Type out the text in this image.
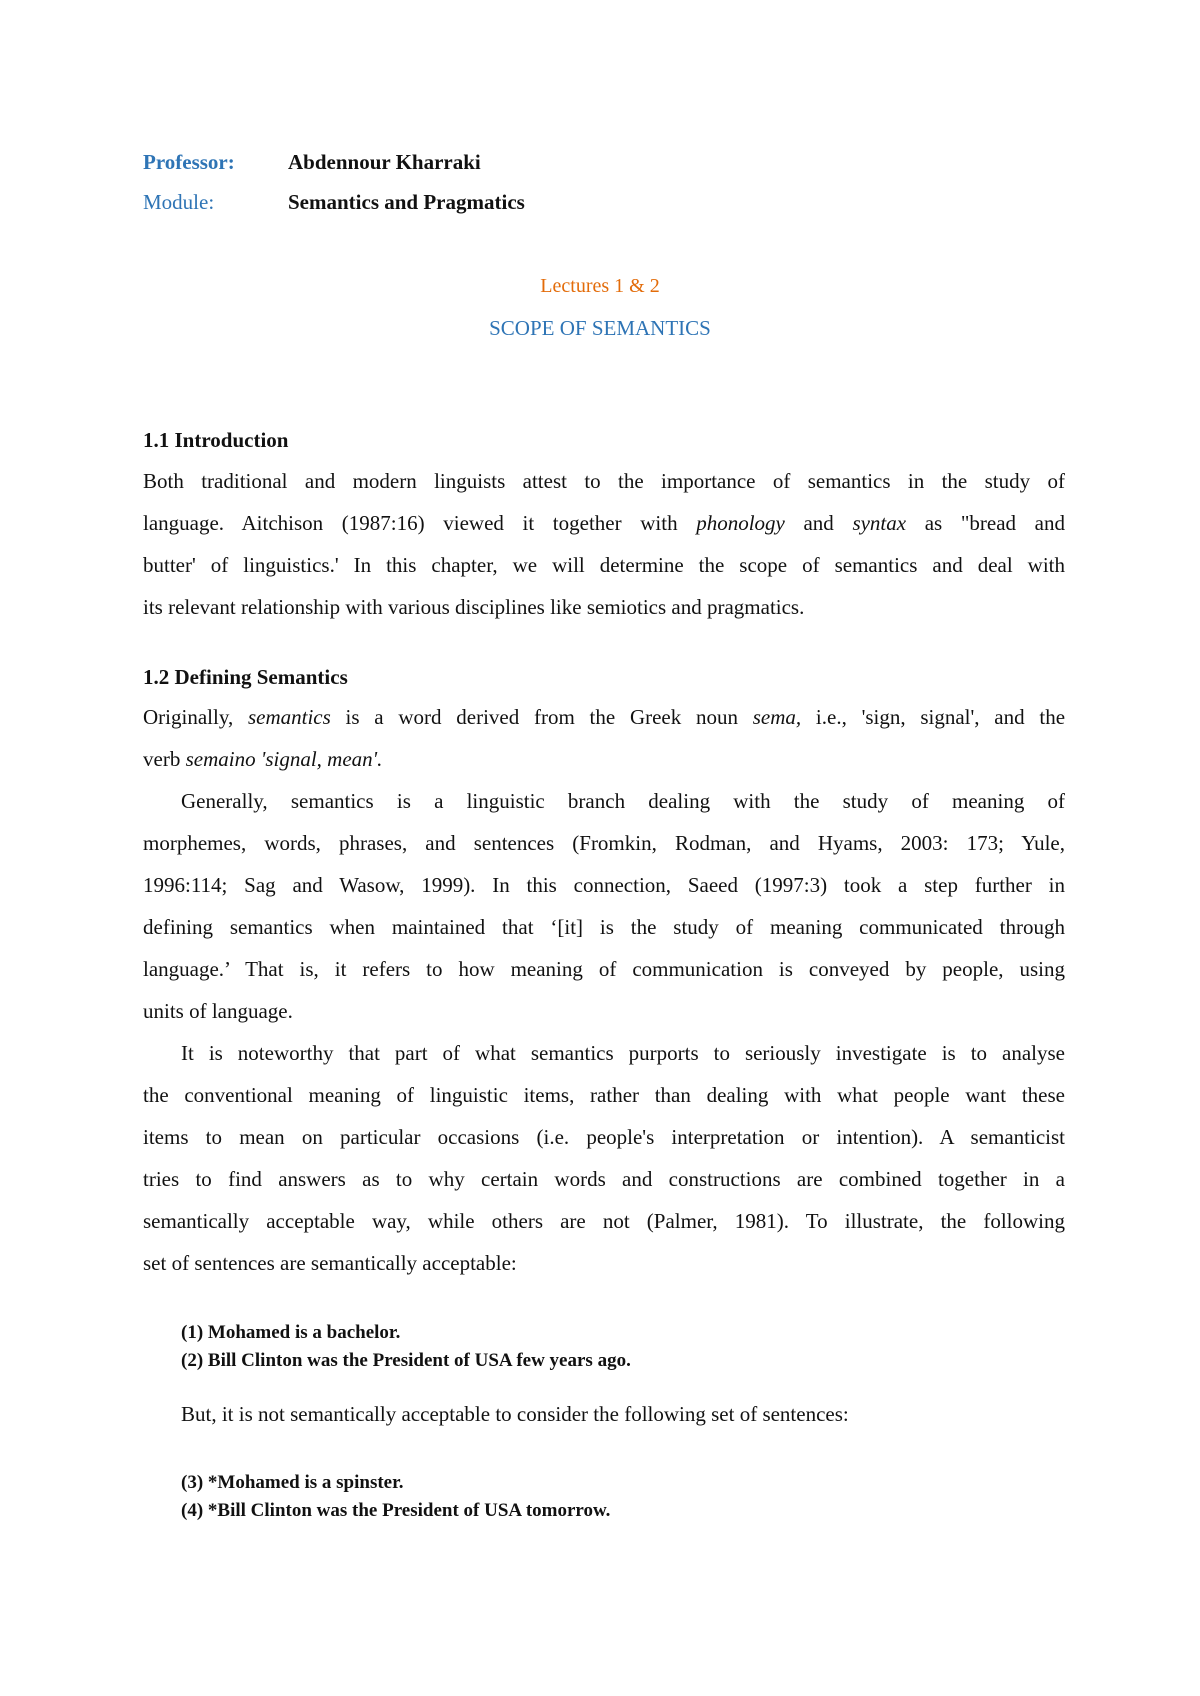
Professor:	Abdennour Kharraki
Module:	Semantics and Pragmatics
Lectures 1 & 2
SCOPE OF SEMANTICS
1.1 Introduction
Both traditional and modern linguists attest to the importance of semantics in the study of
language. Aitchison (1987:16) viewed it together with phonology and syntax as "bread and
butter' of linguistics.' In this chapter, we will determine the scope of semantics and deal with
its relevant relationship with various disciplines like semiotics and pragmatics.
1.2 Defining Semantics
Originally, semantics is a word derived from the Greek noun sema, i.e., 'sign, signal', and the
verb semaino 'signal, mean'.
Generally, semantics is a linguistic branch dealing with the study of meaning of
morphemes, words, phrases, and sentences (Fromkin, Rodman, and Hyams, 2003: 173; Yule,
1996:114; Sag and Wasow, 1999). In this connection, Saeed (1997:3) took a step further in
defining semantics when maintained that ‘[it] is the study of meaning communicated through
language.’ That is, it refers to how meaning of communication is conveyed by people, using
units of language.
It is noteworthy that part of what semantics purports to seriously investigate is to analyse
the conventional meaning of linguistic items, rather than dealing with what people want these
items to mean on particular occasions (i.e. people's interpretation or intention). A semanticist
tries to find answers as to why certain words and constructions are combined together in a
semantically acceptable way, while others are not (Palmer, 1981). To illustrate, the following
set of sentences are semantically acceptable:
(1) Mohamed is a bachelor.
(2) Bill Clinton was the President of USA few years ago.
But, it is not semantically acceptable to consider the following set of sentences:
(3) *Mohamed is a spinster.
(4) *Bill Clinton was the President of USA tomorrow.
